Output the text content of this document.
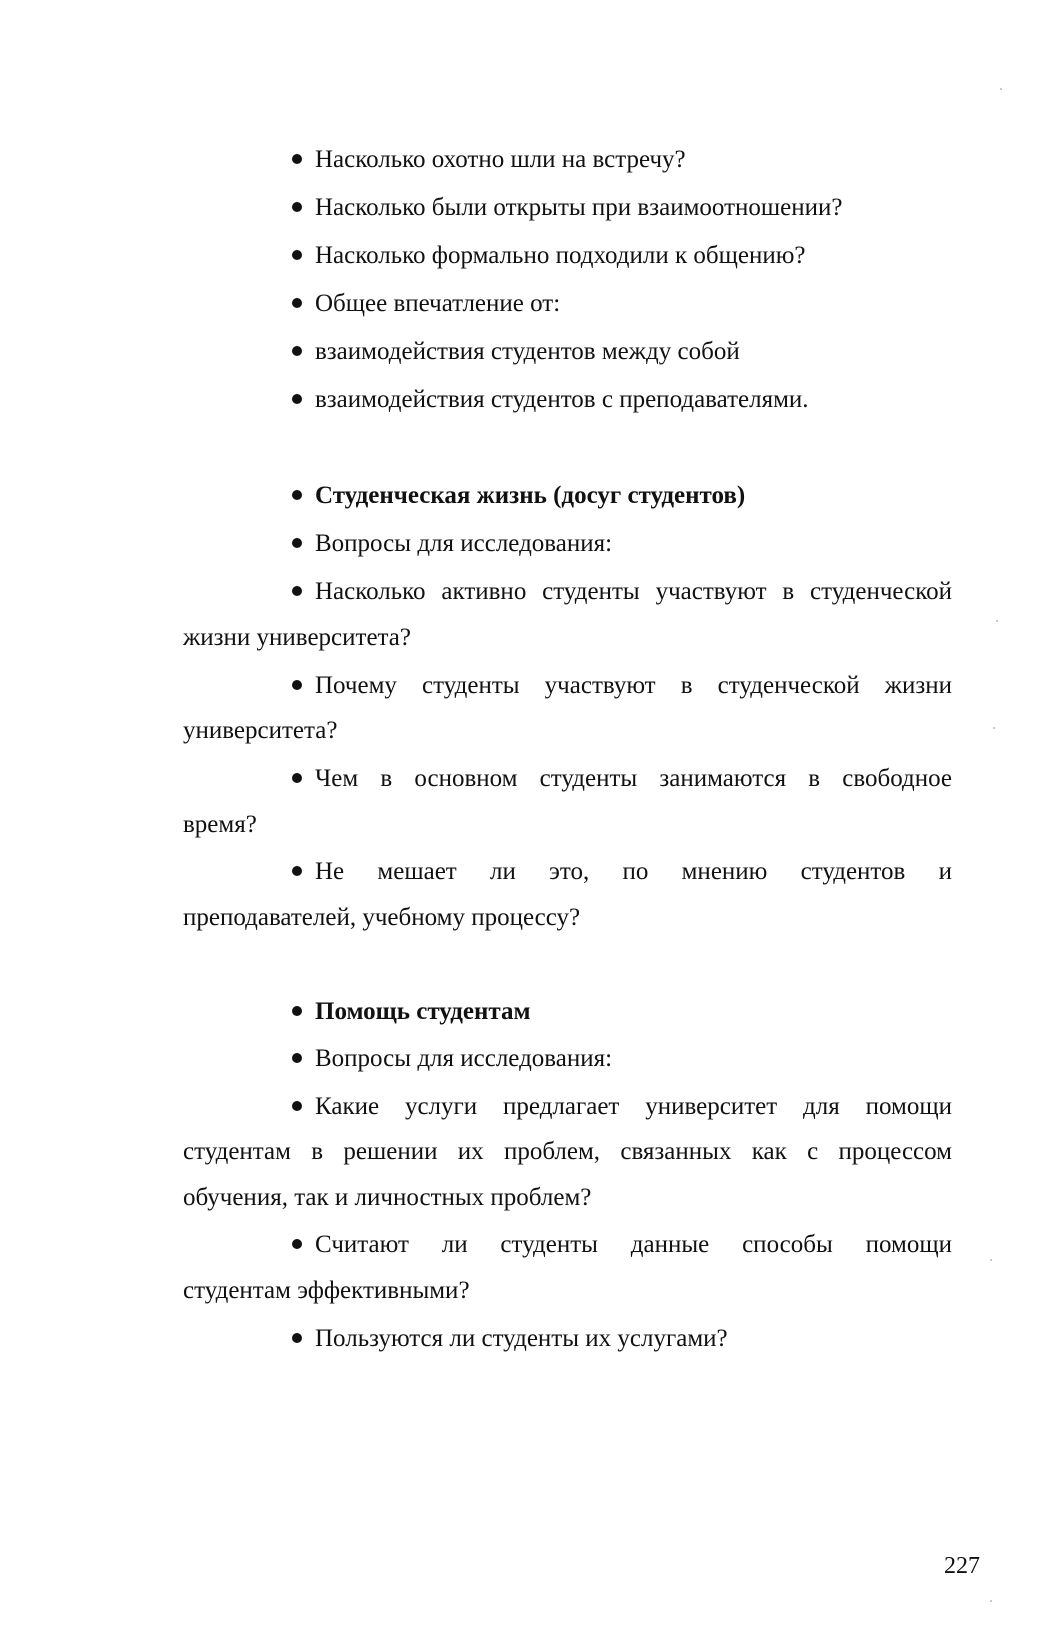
Насколько охотно шли на встречу?
Насколько были открыты при взаимоотношении?
Насколько формально подходили к общению?
Общее впечатление от:
взаимодействия студентов между собой
взаимодействия студентов с преподавателями.
Студенческая жизнь (досуг студентов)
Вопросы для исследования:
Насколько активно студенты участвуют в студенческой
жизни университета?
Почему студенты участвуют в студенческой жизни
университета?
Чем в основном студенты занимаются в свободное
время?
Не мешает ли это, по мнению студентов и
преподавателей, учебному процессу?
Помощь студентам
Вопросы для исследования:
Какие услуги предлагает университет для помощи
студентам в решении их проблем, связанных как с процессом
обучения, так и личностных проблем?
Считают ли студенты данные способы помощи
студентам эффективными?
Пользуются ли студенты их услугами?
227
